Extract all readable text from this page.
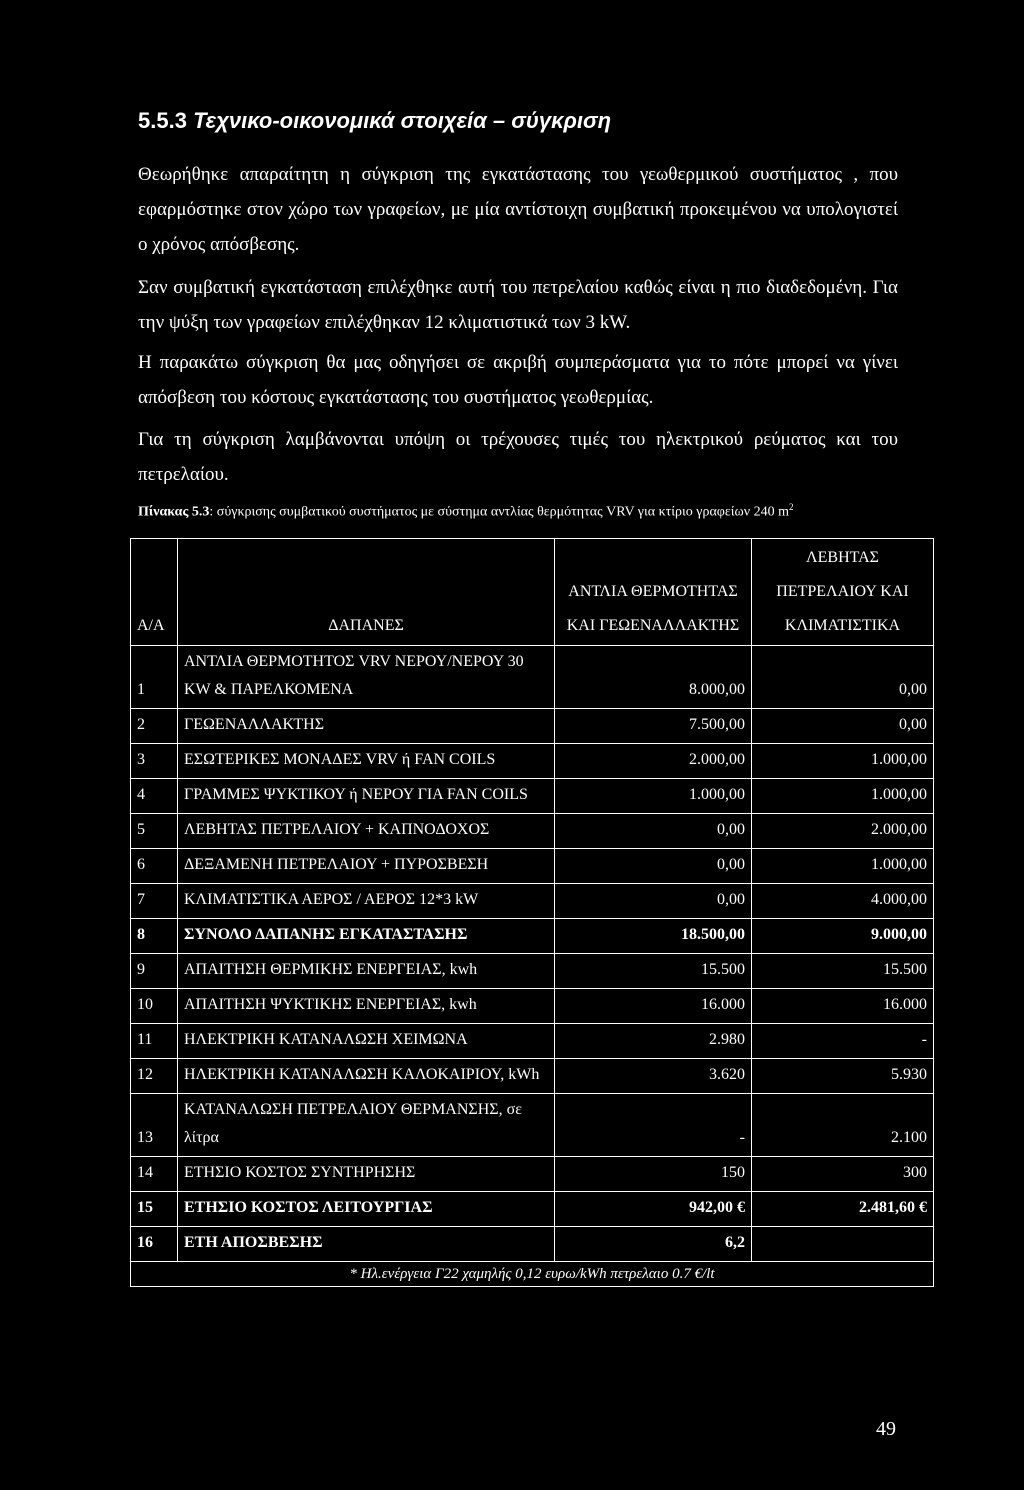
5.5.3 Τεχνικο-οικονομικά στοιχεία – σύγκριση

Θεωρήθηκε απαραίτητη η σύγκριση της εγκατάστασης του γεωθερμικού συστήματος , που εφαρμόστηκε στον χώρο των γραφείων, με μία αντίστοιχη συμβατική προκειμένου να υπολογιστεί ο χρόνος απόσβεσης.

Σαν συμβατική εγκατάσταση επιλέχθηκε αυτή του πετρελαίου καθώς είναι η πιο διαδεδομένη. Για την ψύξη των γραφείων επιλέχθηκαν 12 κλιματιστικά των 3 kW.

Η παρακάτω σύγκριση θα μας οδηγήσει σε ακριβή συμπεράσματα για το πότε μπορεί να γίνει απόσβεση του κόστους εγκατάστασης του συστήματος γεωθερμίας.

Για τη σύγκριση λαμβάνονται υπόψη οι τρέχουσες τιμές του ηλεκτρικού ρεύματος και του πετρελαίου.

Πίνακας 5.3: σύγκρισης συμβατικού συστήματος με σύστημα αντλίας θερμότητας VRV για κτίριο γραφείων 240 $m^2$
Α/Α	ΔΑΠΑΝΕΣ	ΑΝΤΛΙΑ ΘΕΡΜΟΤΗΤΑΣ ΚΑΙ ΓΕΩΕΝΑΛΛΑΚΤΗΣ	ΛΕΒΗΤΑΣ ΠΕΤΡΕΛΑΙΟΥ ΚΑΙ ΚΛΙΜΑΤΙΣΤΙΚΑ
1	ΑΝΤΛΙΑ ΘΕΡΜΟΤΗΤΟΣ VRV ΝΕΡΟΥ/ΝΕΡΟΥ 30 KW & ΠΑΡΕΛΚΟΜΕΝΑ	8.000,00	0,00
2	ΓΕΩΕΝΑΛΛΑΚΤΗΣ	7.500,00	0,00
3	ΕΣΩΤΕΡΙΚΕΣ ΜΟΝΑΔΕΣ VRV ή FAN COILS	2.000,00	1.000,00
4	ΓΡΑΜΜΕΣ ΨΥΚΤΙΚΟΥ ή ΝΕΡΟΥ ΓΙΑ FAN COILS	1.000,00	1.000,00
5	ΛΕΒΗΤΑΣ ΠΕΤΡΕΛΑΙΟΥ + ΚΑΠΝΟΔΟΧΟΣ	0,00	2.000,00
6	ΔΕΞΑΜΕΝΗ ΠΕΤΡΕΛΑΙΟΥ + ΠΥΡΟΣΒΕΣΗ	0,00	1.000,00
7	ΚΛΙΜΑΤΙΣΤΙΚΑ ΑΕΡΟΣ / ΑΕΡΟΣ 12*3 kW	0,00	4.000,00
8	ΣΥΝΟΛΟ ΔΑΠΑΝΗΣ ΕΓΚΑΤΑΣΤΑΣΗΣ	18.500,00	9.000,00
9	ΑΠΑΙΤΗΣΗ ΘΕΡΜΙΚΗΣ ΕΝΕΡΓΕΙΑΣ, kwh	15.500	15.500
10	ΑΠΑΙΤΗΣΗ ΨΥΚΤΙΚΗΣ ΕΝΕΡΓΕΙΑΣ, kwh	16.000	16.000
11	ΗΛΕΚΤΡΙΚΗ ΚΑΤΑΝΑΛΩΣΗ ΧΕΙΜΩΝΑ	2.980	-
12	ΗΛΕΚΤΡΙΚΗ ΚΑΤΑΝΑΛΩΣΗ ΚΑΛΟΚΑΙΡΙΟΥ, kWh	3.620	5.930
13	ΚΑΤΑΝΑΛΩΣΗ ΠΕΤΡΕΛΑΙΟΥ ΘΕΡΜΑΝΣΗΣ, σε λίτρα	-	2.100
14	ΕΤΗΣΙΟ ΚΟΣΤΟΣ ΣΥΝΤΗΡΗΣΗΣ	150	300
15	ΕΤΗΣΙΟ ΚΟΣΤΟΣ ΛΕΙΤΟΥΡΓΙΑΣ	942,00 €	2.481,60 €
16	ΕΤΗ ΑΠΟΣΒΕΣΗΣ	6,2	
* Ηλ.ενέργεια Γ22 χαμηλής 0,12 ευρω/kWh πετρελαιο 0.7 €/lt			
49
